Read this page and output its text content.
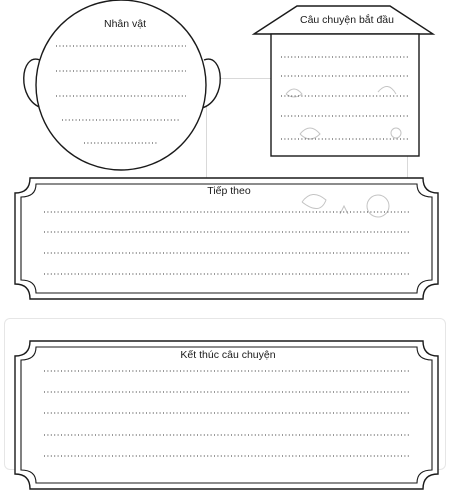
Nhân vật	Câu chuyện bắt đầu
Tiếp theo
Kết thúc câu chuyện
